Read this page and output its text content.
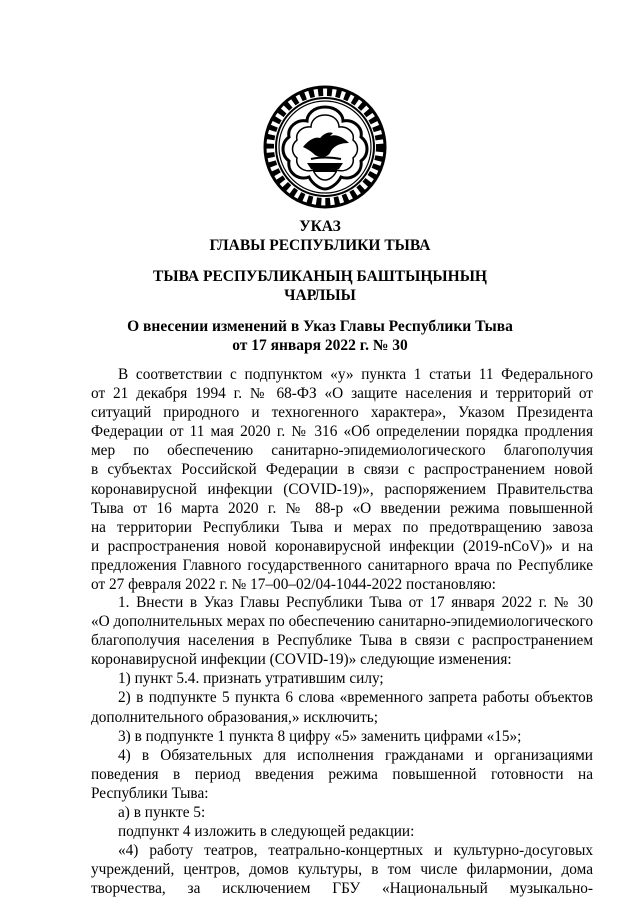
УКАЗ
ГЛАВЫ РЕСПУБЛИКИ ТЫВА
ТЫВА РЕСПУБЛИКАНЫҢ БАШТЫҢЫНЫҢ
ЧАРЛЫЫ
О внесении изменений в Указ Главы Республики Тыва
от 17 января 2022 г. № 30
В соответствии с подпунктом «у» пункта 1 статьи 11 Федерального
от 21 декабря 1994 г. № 68-ФЗ «О защите населения и территорий от
ситуаций природного и техногенного характера», Указом Президента
Федерации от 11 мая 2020 г. № 316 «Об определении порядка продления
мер по обеспечению санитарно-эпидемиологического благополучия
в субъектах Российской Федерации в связи с распространением новой
коронавирусной инфекции (COVID-19)», распоряжением Правительства
Тыва от 16 марта 2020 г. № 88-р «О введении режима повышенной
на территории Республики Тыва и мерах по предотвращению завоза
и распространения новой коронавирусной инфекции (2019-nCoV)» и на
предложения Главного государственного санитарного врача по Республике
от 27 февраля 2022 г. № 17–00–02/04-1044-2022 постановляю:
1. Внести в Указ Главы Республики Тыва от 17 января 2022 г. № 30
«О дополнительных мерах по обеспечению санитарно-эпидемиологического
благополучия населения в Республике Тыва в связи с распространением
коронавирусной инфекции (COVID-19)» следующие изменения:
1) пункт 5.4. признать утратившим силу;
2) в подпункте 5 пункта 6 слова «временного запрета работы объектов
дополнительного образования,» исключить;
3) в подпункте 1 пункта 8 цифру «5» заменить цифрами «15»;
4) в Обязательных для исполнения гражданами и организациями
поведения в период введения режима повышенной готовности на
Республики Тыва:
а) в пункте 5:
подпункт 4 изложить в следующей редакции:
«4) работу театров, театрально-концертных и культурно-досуговых
учреждений, центров, домов культуры, в том числе филармонии, дома
творчества, за исключением ГБУ «Национальный музыкально-
